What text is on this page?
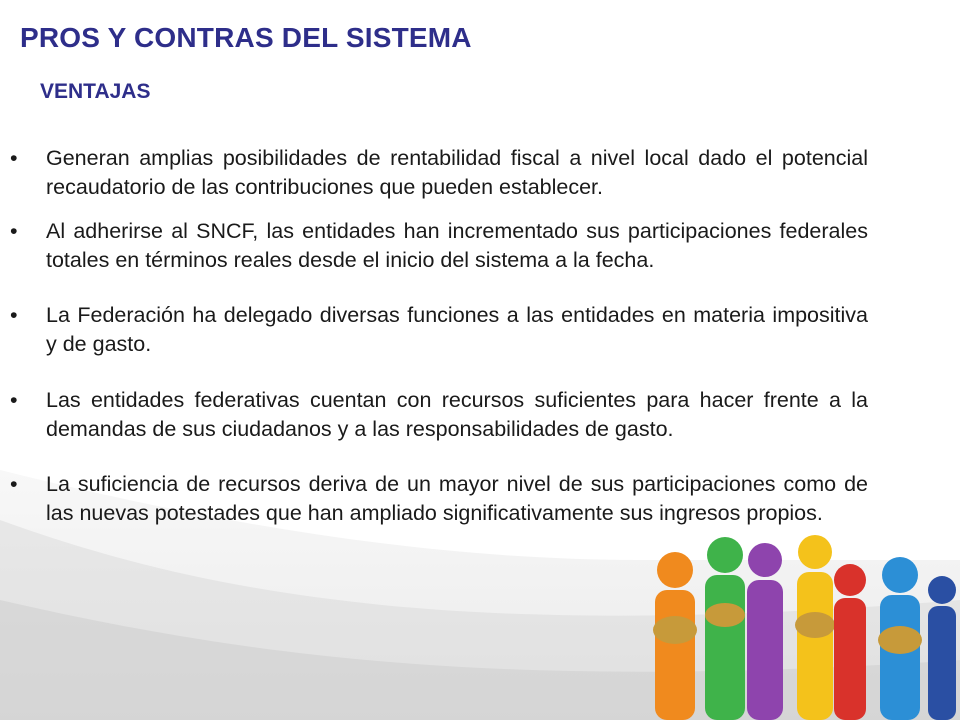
PROS Y CONTRAS DEL SISTEMA
VENTAJAS
•	Generan amplias posibilidades de rentabilidad fiscal a nivel local dado el potencial recaudatorio de las contribuciones que pueden establecer.
•	Al adherirse al SNCF, las entidades han incrementado sus participaciones federales totales en términos reales desde el inicio del sistema a la fecha.
•	La Federación ha delegado diversas funciones a las entidades en materia impositiva y de gasto.
•	Las entidades federativas cuentan con recursos suficientes para hacer frente a la demandas de sus ciudadanos y a las responsabilidades de gasto.
•	La suficiencia de recursos deriva de un mayor nivel de sus participaciones como de las nuevas potestades que han ampliado significativamente sus ingresos propios.
